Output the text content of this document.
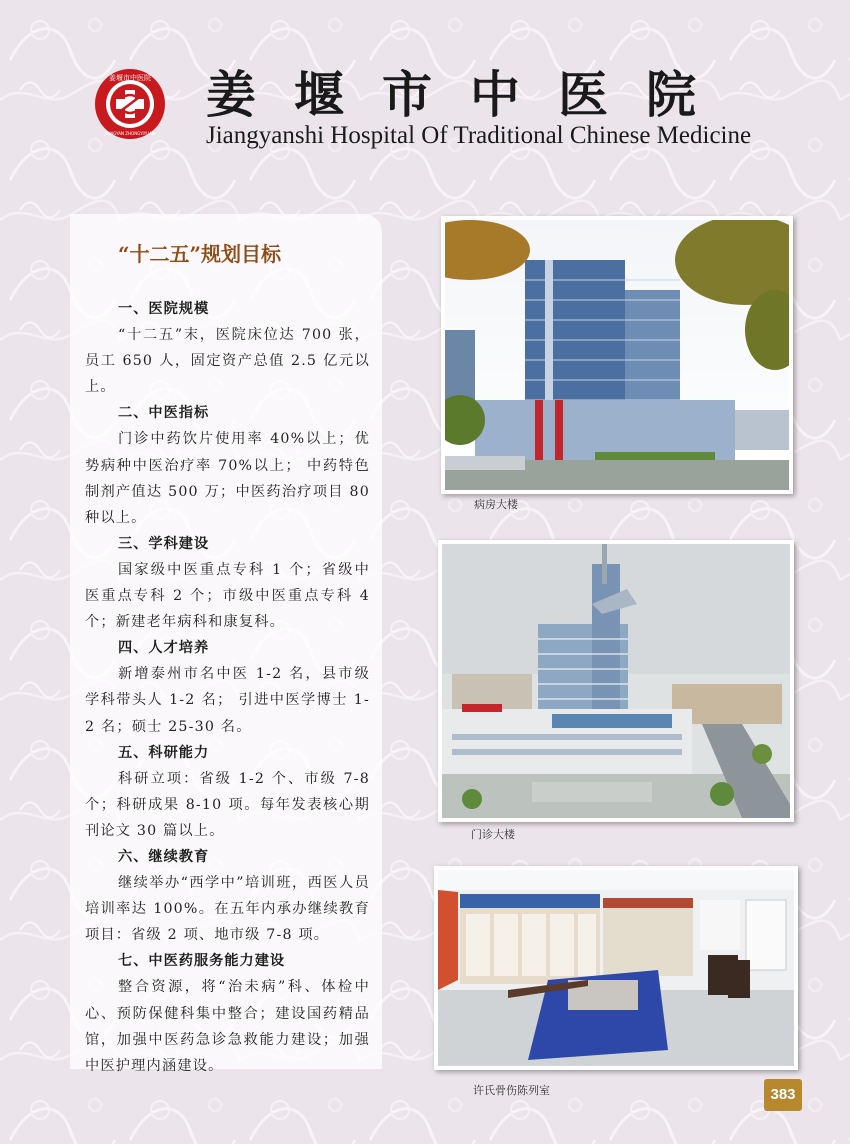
姜堰市中医院
JIANGYAN ZHONGYIYUAN
姜堰市中医院
Jiangyanshi Hospital Of Traditional Chinese Medicine
“十二五”规划目标
一、医院规模

“十二五”末，医院床位达 700 张，员工 650 人，固定资产总值 2.5 亿元以上。

二、中医指标

门诊中药饮片使用率 40%以上；优势病种中医治疗率 70%以上； 中药特色制剂产值达 500 万；中医药治疗项目 80 种以上。

三、学科建设

国家级中医重点专科 1 个；省级中医重点专科 2 个；市级中医重点专科 4 个；新建老年病科和康复科。

四、人才培养

新增泰州市名中医 1-2 名，县市级学科带头人 1-2 名； 引进中医学博士 1-2 名；硕士 25-30 名。

五、科研能力

科研立项：省级 1-2 个、市级 7-8 个；科研成果 8-10 项。每年发表核心期刊论文 30 篇以上。

六、继续教育

继续举办“西学中”培训班，西医人员培训率达 100%。在五年内承办继续教育项目：省级 2 项、地市级 7-8 项。

七、中医药服务能力建设

整合资源，将“治未病”科、体检中心、预防保健科集中整合；建设国药精品馆，加强中医药急诊急救能力建设；加强中医护理内涵建设。

病房大楼
门诊大楼
许氏骨伤陈列室	383
